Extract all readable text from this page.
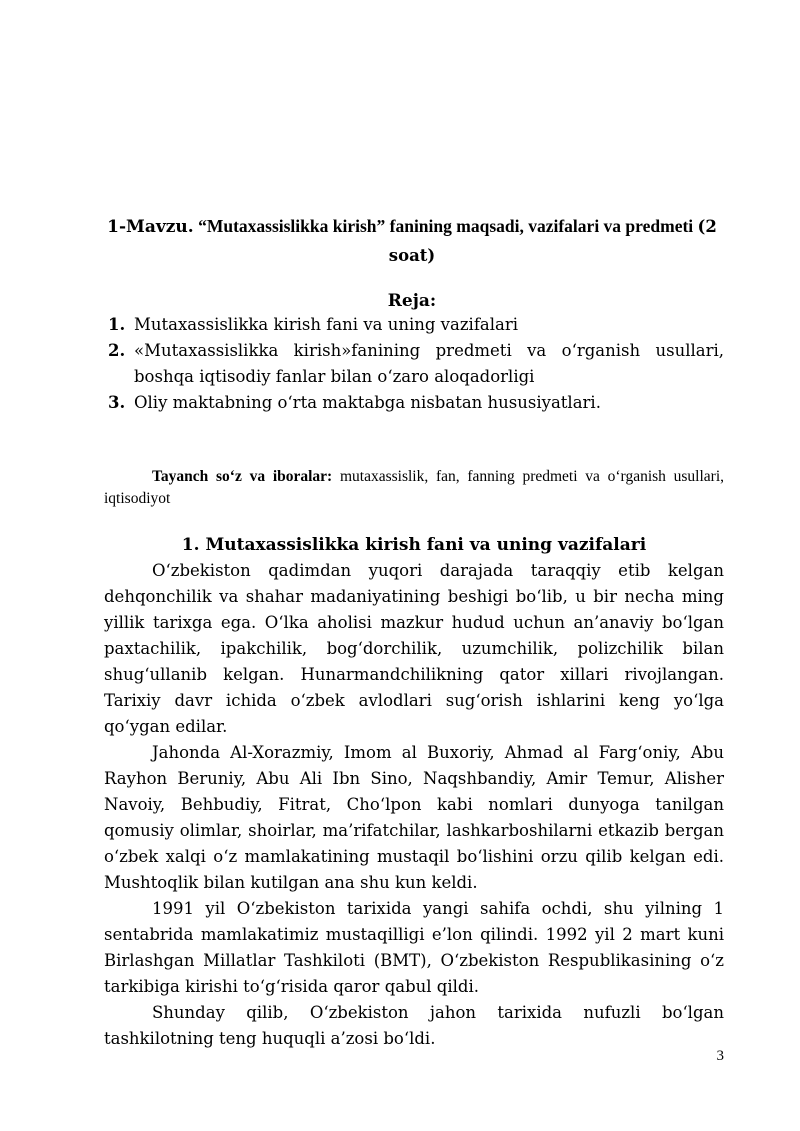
1-Mavzu. “Mutaxassislikka kirish” fanining maqsadi, vazifalari va predmeti (2 soat)
Reja:
1. Mutaxassislikka kirish fani va uning vazifalari
2. «Mutaxassislikka kirish»fanining predmeti va o‘rganish usullari, boshqa iqtisodiy fanlar bilan o‘zaro aloqadorligi
3. Oliy maktabning o‘rta maktabga nisbatan hususiyatlari.
Tayanch so‘z va iboralar: mutaxassislik, fan, fanning predmeti va o‘rganish usullari, iqtisodiyot
1. Mutaxassislikka kirish fani va uning vazifalari

O‘zbekiston qadimdan yuqori darajada taraqqiy etib kelgan dehqonchilik va shahar madaniyatining beshigi bo‘lib, u bir necha ming yillik tarixga ega. O‘lka aholisi mazkur hudud uchun an’anaviy bo‘lgan paxtachilik, ipakchilik, bog‘dorchilik, uzumchilik, polizchilik bilan shug‘ullanib kelgan. Hunarmandchilikning qator xillari rivojlangan. Tarixiy davr ichida o‘zbek avlodlari sug‘orish ishlarini keng yo‘lga qo‘ygan edilar.

Jahonda Al-Xorazmiy, Imom al Buxoriy, Ahmad al Farg‘oniy, Abu Rayhon Beruniy, Abu Ali Ibn Sino, Naqshbandiy, Amir Temur, Alisher Navoiy, Behbudiy, Fitrat, Cho‘lpon kabi nomlari dunyoga tanilgan qomusiy olimlar, shoirlar, ma’rifatchilar, lashkarboshilarni etkazib bergan o‘zbek xalqi o‘z mamlakatining mustaqil bo‘lishini orzu qilib kelgan edi. Mushtoqlik bilan kutilgan ana shu kun keldi.

1991 yil O‘zbekiston tarixida yangi sahifa ochdi, shu yilning 1 sentabrida mamlakatimiz mustaqilligi e’lon qilindi. 1992 yil 2 mart kuni Birlashgan Millatlar Tashkiloti (BMT), O‘zbekiston Respublikasining o‘z tarkibiga kirishi to‘g‘risida qaror qabul qildi.

Shunday qilib, O‘zbekiston jahon tarixida nufuzli bo‘lgan tashkilotning teng huquqli a’zosi bo‘ldi.

3
